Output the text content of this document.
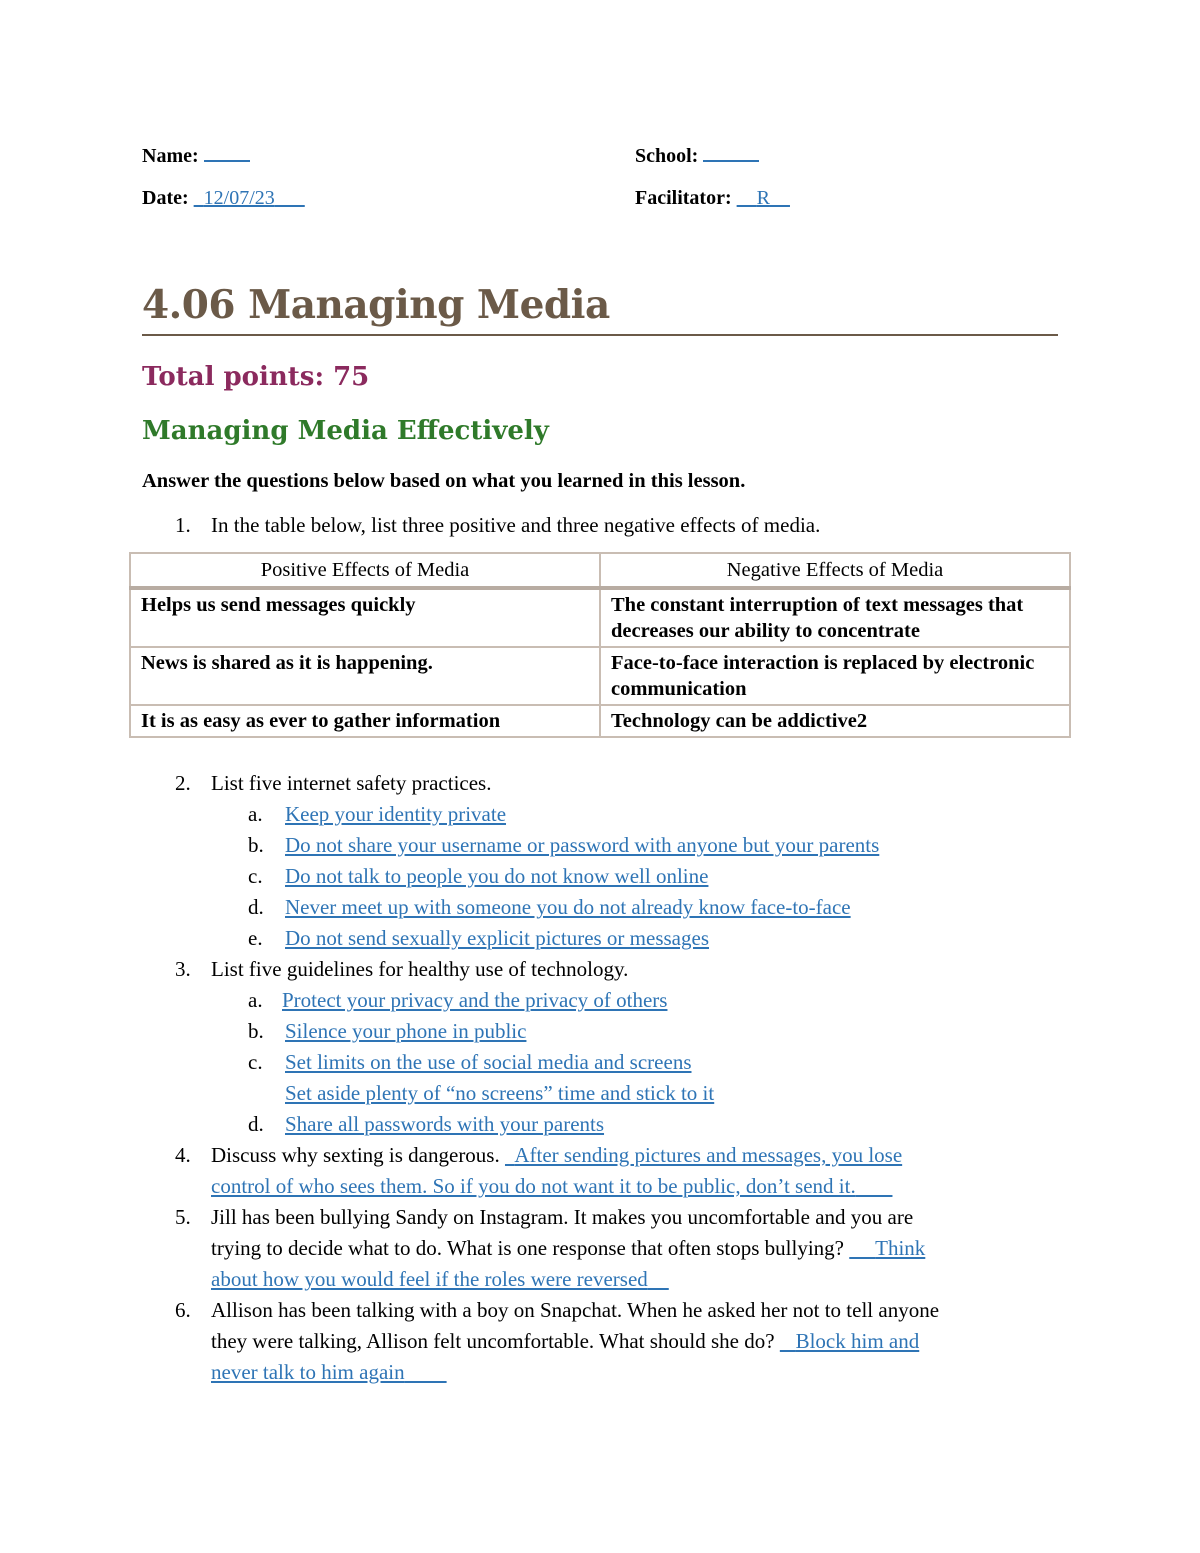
Name:	School:
Date: 12/07/23	Facilitator: R
4.06 Managing Media
Total points: 75
Managing Media Effectively
Answer the questions below based on what you learned in this lesson.
1. In the table below, list three positive and three negative effects of media.
Positive Effects of Media	Negative Effects of Media
Helps us send messages quickly	The constant interruption of text messages that decreases our ability to concentrate
News is shared as it is happening.	Face-to-face interaction is replaced by electronic communication
It is as easy as ever to gather information	Technology can be addictive2
2. List five internet safety practices.
a. Keep your identity private
b. Do not share your username or password with anyone but your parents
c. Do not talk to people you do not know well online
d. Never meet up with someone you do not already know face-to-face
e. Do not send sexually explicit pictures or messages
3. List five guidelines for healthy use of technology.
a. Protect your privacy and the privacy of others
b. Silence your phone in public
c. Set limits on the use of social media and screens
Set aside plenty of “no screens” time and stick to it
d. Share all passwords with your parents
4. Discuss why sexting is dangerous. After sending pictures and messages, you lose
control of who sees them. So if you do not want it to be public, don’t send it.
5. Jill has been bullying Sandy on Instagram. It makes you uncomfortable and you are
trying to decide what to do. What is one response that often stops bullying? Think
about how you would feel if the roles were reversed
6. Allison has been talking with a boy on Snapchat. When he asked her not to tell anyone
they were talking, Allison felt uncomfortable. What should she do? Block him and
never talk to him again
